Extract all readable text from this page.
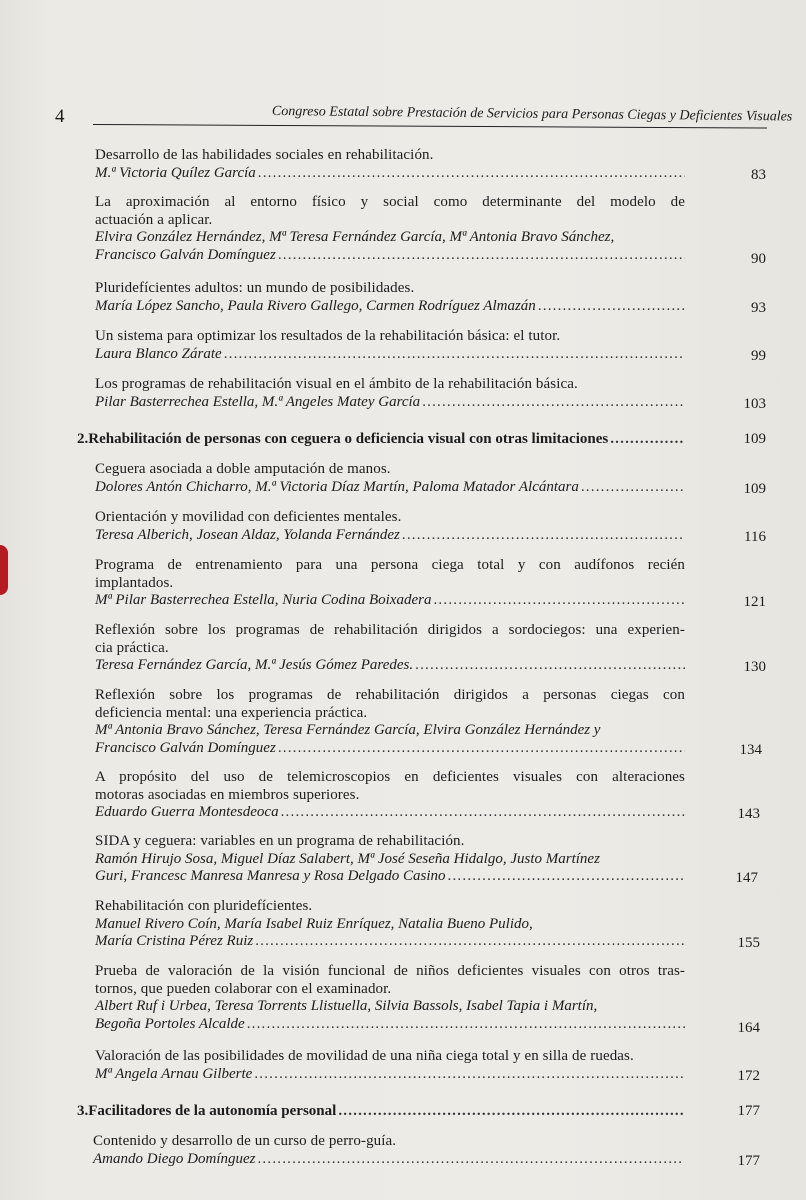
4	Congreso Estatal sobre Prestación de Servicios para Personas Ciegas y Deficientes Visuales
Desarrollo de las habilidades sociales en rehabilitación.
M.ª Victoria Quílez García .....	83
La aproximación al entorno físico y social como determinante del modelo de
actuación a aplicar.
Elvira González Hernández, Mª Teresa Fernández García, Mª Antonia Bravo Sánchez,
Francisco Galván Domínguez .....	90
Pluridefícientes adultos: un mundo de posibilidades.
María López Sancho, Paula Rivero Gallego, Carmen Rodríguez Almazán .....	93
Un sistema para optimizar los resultados de la rehabilitación básica: el tutor.
Laura Blanco Zárate .....	99
Los programas de rehabilitación visual en el ámbito de la rehabilitación básica.
Pilar Basterrechea Estella, M.ª Angeles Matey García .....	103
2. Rehabilitación de personas con ceguera o deficiencia visual con otras limitaciones .....	109
Ceguera asociada a doble amputación de manos.
Dolores Antón Chicharro, M.ª Victoria Díaz Martín, Paloma Matador Alcántara .....	109
Orientación y movilidad con deficientes mentales.
Teresa Alberich, Josean Aldaz, Yolanda Fernández .....	116
Programa de entrenamiento para una persona ciega total y con audífonos recién
implantados.
Mª Pilar Basterrechea Estella, Nuria Codina Boixadera .....	121
Reflexión sobre los programas de rehabilitación dirigidos a sordociegos: una experien-
cia práctica.
Teresa Fernández García, M.ª Jesús Gómez Paredes. .....	130
Reflexión sobre los programas de rehabilitación dirigidos a personas ciegas con
deficiencia mental: una experiencia práctica.
Mª Antonia Bravo Sánchez, Teresa Fernández García, Elvira González Hernández y
Francisco Galván Domínguez .....	134
A propósito del uso de telemicroscopios en deficientes visuales con alteraciones
motoras asociadas en miembros superiores.
Eduardo Guerra Montesdeoca .....	143
SIDA y ceguera: variables en un programa de rehabilitación.
Ramón Hirujo Sosa, Miguel Díaz Salabert, Mª José Seseña Hidalgo, Justo Martínez
Guri, Francesc Manresa Manresa y Rosa Delgado Casino .....	147
Rehabilitación con pluridefícientes.
Manuel Rivero Coín, María Isabel Ruiz Enríquez, Natalia Bueno Pulido,
María Cristina Pérez Ruiz .....	155
Prueba de valoración de la visión funcional de niños deficientes visuales con otros tras-
tornos, que pueden colaborar con el examinador.
Albert Ruf i Urbea, Teresa Torrents Llistuella, Silvia Bassols, Isabel Tapia i Martín,
Begoña Portoles Alcalde .....	164
Valoración de las posibilidades de movilidad de una niña ciega total y en silla de ruedas.
Mª Angela Arnau Gilberte .....	172
3. Facilitadores de la autonomía personal .....	177
Contenido y desarrollo de un curso de perro-guía.
Amando Diego Domínguez .....	177
